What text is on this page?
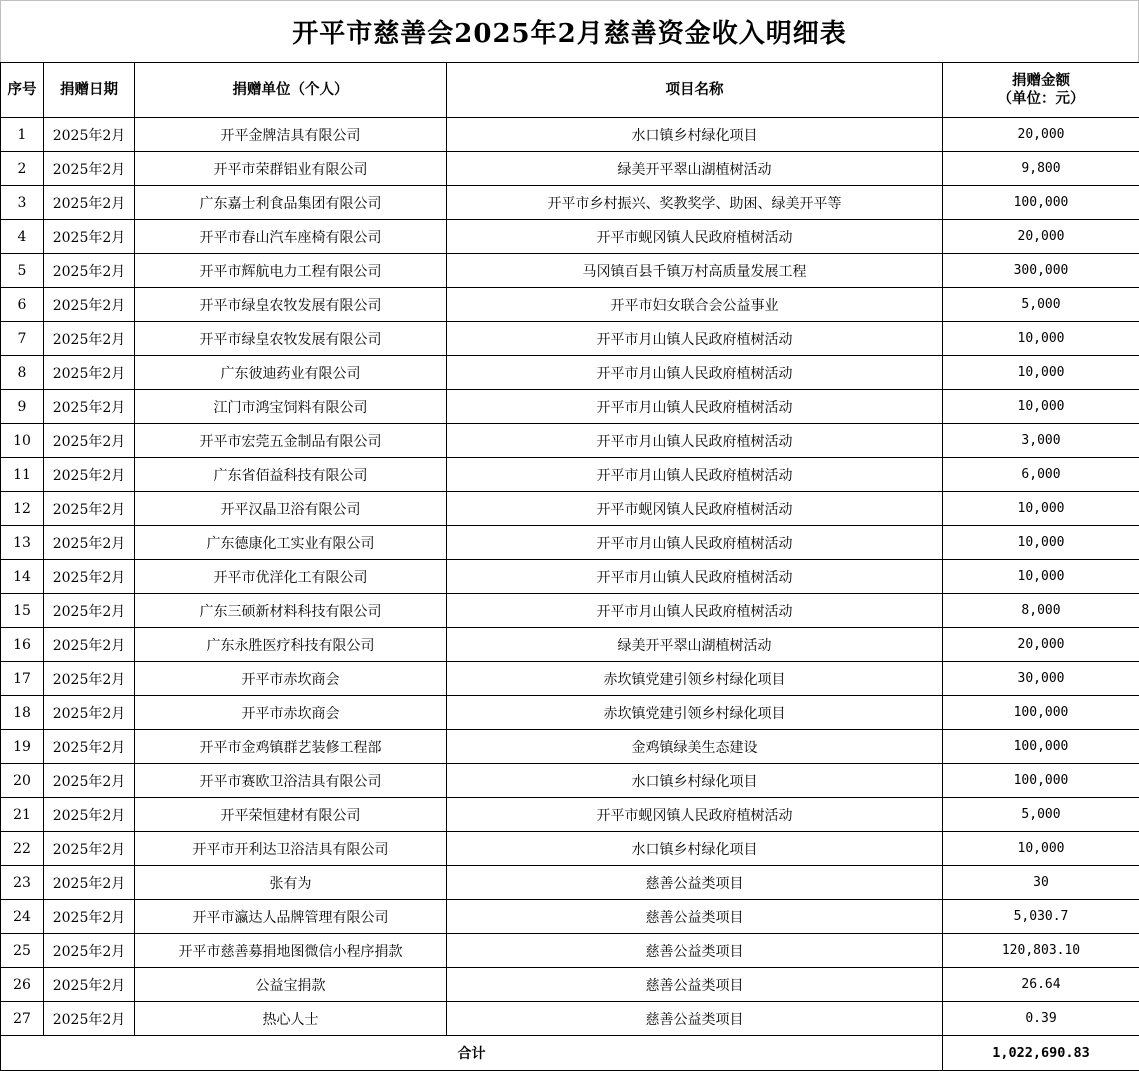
开平市慈善会2025年2月慈善资金收入明细表
序号	捐赠日期	捐赠单位（个人）	项目名称	捐赠金额
（单位：元）

1	2025年2月	开平金牌洁具有限公司	水口镇乡村绿化项目	20,000
2	2025年2月	开平市荣群铝业有限公司	绿美开平翠山湖植树活动	9,800
3	2025年2月	广东嘉士利食品集团有限公司	开平市乡村振兴、奖教奖学、助困、绿美开平等	100,000
4	2025年2月	开平市春山汽车座椅有限公司	开平市蚬冈镇人民政府植树活动	20,000
5	2025年2月	开平市辉航电力工程有限公司	马冈镇百县千镇万村高质量发展工程	300,000
6	2025年2月	开平市绿皇农牧发展有限公司	开平市妇女联合会公益事业	5,000
7	2025年2月	开平市绿皇农牧发展有限公司	开平市月山镇人民政府植树活动	10,000
8	2025年2月	广东彼迪药业有限公司	开平市月山镇人民政府植树活动	10,000
9	2025年2月	江门市鸿宝饲料有限公司	开平市月山镇人民政府植树活动	10,000
10	2025年2月	开平市宏莞五金制品有限公司	开平市月山镇人民政府植树活动	3,000
11	2025年2月	广东省佰益科技有限公司	开平市月山镇人民政府植树活动	6,000
12	2025年2月	开平汉晶卫浴有限公司	开平市蚬冈镇人民政府植树活动	10,000
13	2025年2月	广东德康化工实业有限公司	开平市月山镇人民政府植树活动	10,000
14	2025年2月	开平市优洋化工有限公司	开平市月山镇人民政府植树活动	10,000
15	2025年2月	广东三硕新材料科技有限公司	开平市月山镇人民政府植树活动	8,000
16	2025年2月	广东永胜医疗科技有限公司	绿美开平翠山湖植树活动	20,000
17	2025年2月	开平市赤坎商会	赤坎镇党建引领乡村绿化项目	30,000
18	2025年2月	开平市赤坎商会	赤坎镇党建引领乡村绿化项目	100,000
19	2025年2月	开平市金鸡镇群艺装修工程部	金鸡镇绿美生态建设	100,000
20	2025年2月	开平市赛欧卫浴洁具有限公司	水口镇乡村绿化项目	100,000
21	2025年2月	开平荣恒建材有限公司	开平市蚬冈镇人民政府植树活动	5,000
22	2025年2月	开平市开利达卫浴洁具有限公司	水口镇乡村绿化项目	10,000
23	2025年2月	张有为	慈善公益类项目	30
24	2025年2月	开平市瀛达人品牌管理有限公司	慈善公益类项目	5,030.7
25	2025年2月	开平市慈善募捐地图微信小程序捐款	慈善公益类项目	120,803.10
26	2025年2月	公益宝捐款	慈善公益类项目	26.64
27	2025年2月	热心人士	慈善公益类项目	0.39
合计				1,022,690.83
